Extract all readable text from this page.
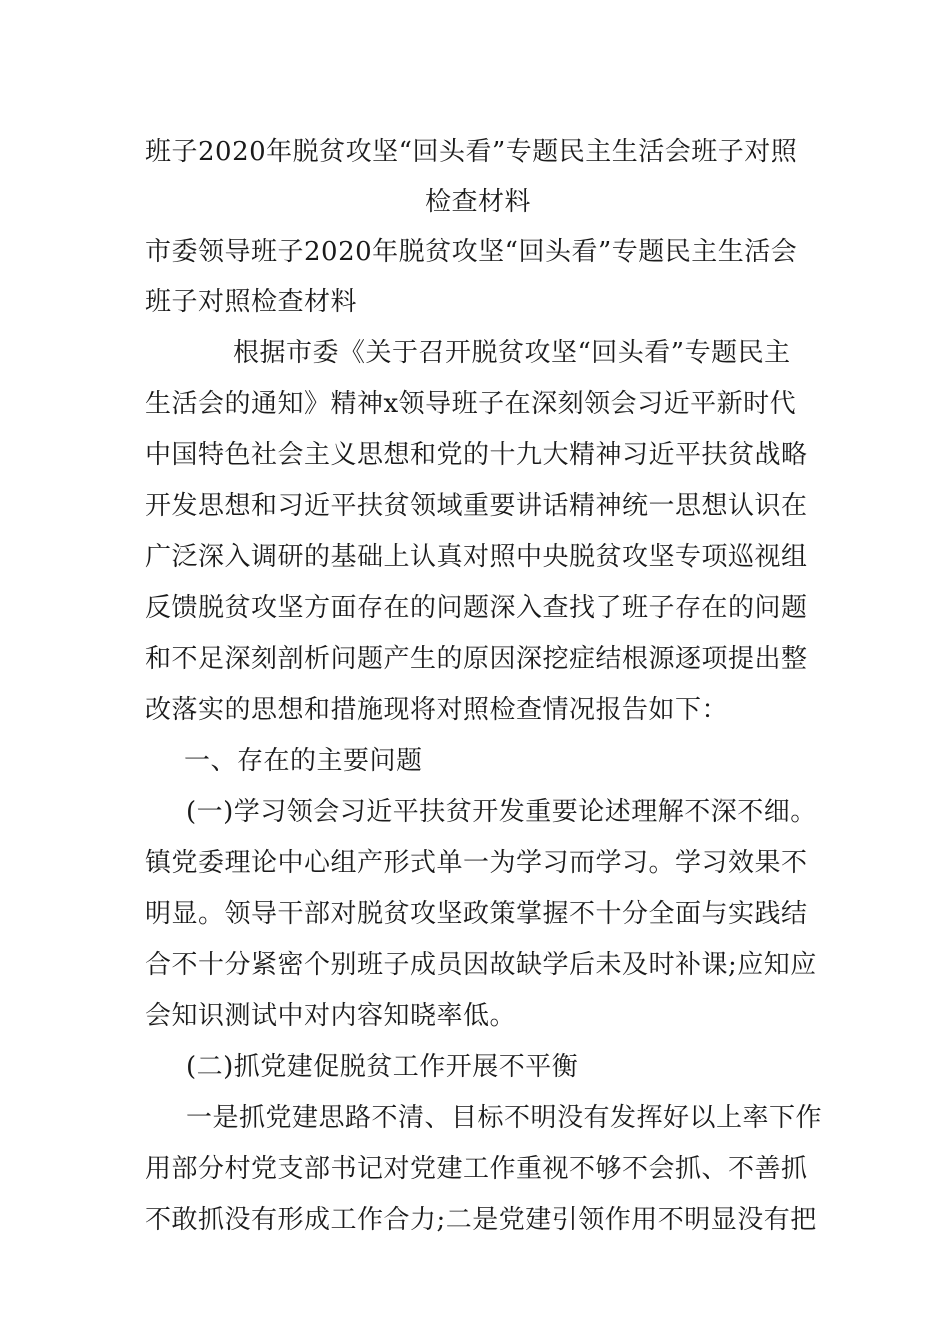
班子2020年脱贫攻坚“回头看”专题民主生活会班子对照
检查材料
市委领导班子2020年脱贫攻坚“回头看”专题民主生活会
班子对照检查材料
根据市委《关于召开脱贫攻坚“回头看”专题民主
生活会的通知》精神x领导班子在深刻领会习近平新时代
中国特色社会主义思想和党的十九大精神习近平扶贫战略
开发思想和习近平扶贫领域重要讲话精神统一思想认识在
广泛深入调研的基础上认真对照中央脱贫攻坚专项巡视组
反馈脱贫攻坚方面存在的问题深入查找了班子存在的问题
和不足深刻剖析问题产生的原因深挖症结根源逐项提出整
改落实的思想和措施现将对照检查情况报告如下：
一、存在的主要问题
(一)学习领会习近平扶贫开发重要论述理解不深不细。
镇党委理论中心组产形式单一为学习而学习。学习效果不
明显。领导干部对脱贫攻坚政策掌握不十分全面与实践结
合不十分紧密个别班子成员因故缺学后未及时补课;应知应
会知识测试中对内容知晓率低。
(二)抓党建促脱贫工作开展不平衡
一是抓党建思路不清、目标不明没有发挥好以上率下作
用部分村党支部书记对党建工作重视不够不会抓、不善抓
不敢抓没有形成工作合力;二是党建引领作用不明显没有把
